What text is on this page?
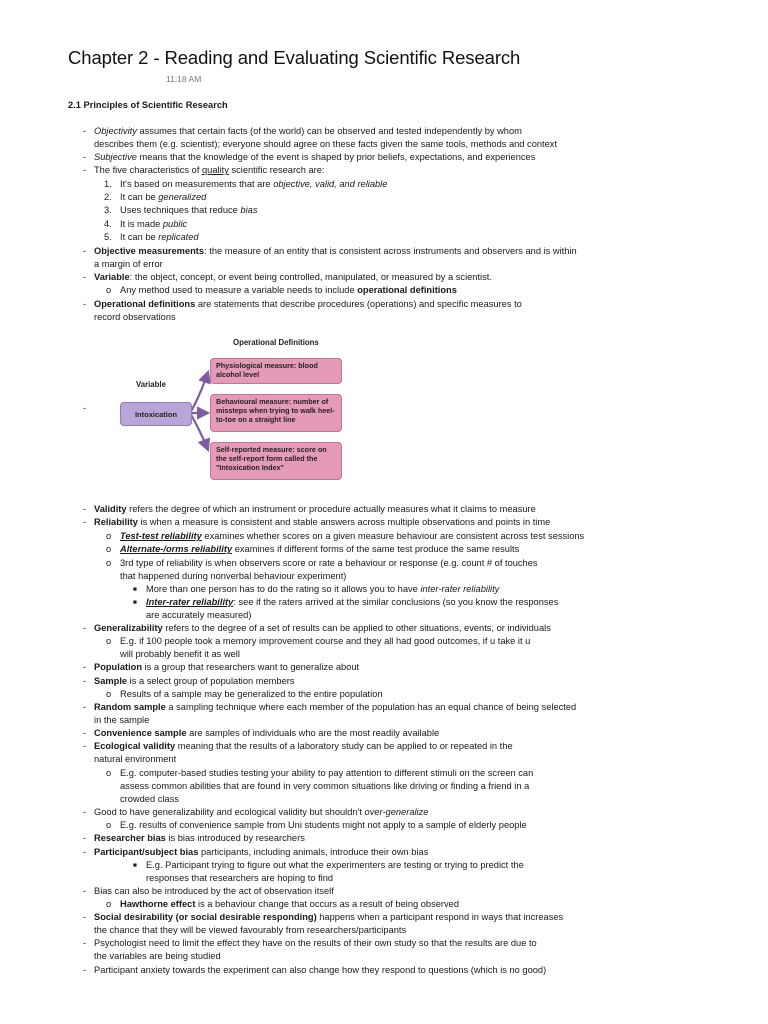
Chapter 2 - Reading and Evaluating Scientific Research
11:18 AM
2.1 Principles of Scientific Research
- Objectivity assumes that certain facts (of the world) can be observed and tested independently by whom
describes them (e.g. scientist); everyone should agree on these facts given the same tools, methods and context
- Subjective means that the knowledge of the event is shaped by prior beliefs, expectations, and experiences
- The five characteristics of quality scientific research are:
1. It's based on measurements that are objective, valid, and reliable
2. It can be generalized
3. Uses techniques that reduce bias
4. It is made public
5. It can be replicated
- Objective measurements: the measure of an entity that is consistent across instruments and observers and is within
a margin of error
- Variable: the object, concept, or event being controlled, manipulated, or measured by a scientist.
o Any method used to measure a variable needs to include operational definitions
- Operational definitions are statements that describe procedures (operations) and specific measures to
record observations
-
Operational Definitions
Variable
Intoxication
Physiological measure: blood alcohol level
Behavioural measure: number of missteps when trying to walk heel-to-toe on a straight line
Self-reported measure: score on the self-report form called the "Intoxication Index"
- Validity refers the degree of which an instrument or procedure actually measures what it claims to measure
- Reliability is when a measure is consistent and stable answers across multiple observations and points in time
o Test-test reliability examines whether scores on a given measure behaviour are consistent across test sessions
o Alternate-/orms reliability examines if different forms of the same test produce the same results
o 3rd type of reliability is when observers score or rate a behaviour or response (e.g. count # of touches
that happened during nonverbal behaviour experiment)
■ More than one person has to do the rating so it allows you to have inter-rater reliability
■ Inter-rater reliability: see if the raters arrived at the similar conclusions (so you know the responses
are accurately measured)
- Generalizability refers to the degree of a set of results can be applied to other situations, events, or individuals
o E.g. if 100 people took a memory improvement course and they all had good outcomes, if u take it u
will probably benefit it as well
- Population is a group that researchers want to generalize about
- Sample is a select group of population members
o Results of a sample may be generalized to the entire population
- Random sample a sampling technique where each member of the population has an equal chance of being selected
in the sample
- Convenience sample are samples of individuals who are the most readily available
- Ecological validity meaning that the results of a laboratory study can be applied to or repeated in the
natural environment
o E.g. computer-based studies testing your ability to pay attention to different stimuli on the screen can
assess common abilities that are found in very common situations like driving or finding a friend in a
crowded class
- Good to have generalizability and ecological validity but shouldn't over-generalize
o E.g. results of convenience sample from Uni students might not apply to a sample of elderly people
- Researcher bias is bias introduced by researchers
- Participant/subject bias participants, including animals, introduce their own bias
■ E.g. Participant trying to figure out what the experimenters are testing or trying to predict the
responses that researchers are hoping to find
- Bias can also be introduced by the act of observation itself
o Hawthorne effect is a behaviour change that occurs as a result of being observed
- Social desirability (or social desirable responding) happens when a participant respond in ways that increases
the chance that they will be viewed favourably from researchers/participants
- Psychologist need to limit the effect they have on the results of their own study so that the results are due to
the variables are being studied
- Participant anxiety towards the experiment can also change how they respond to questions (which is no good)
